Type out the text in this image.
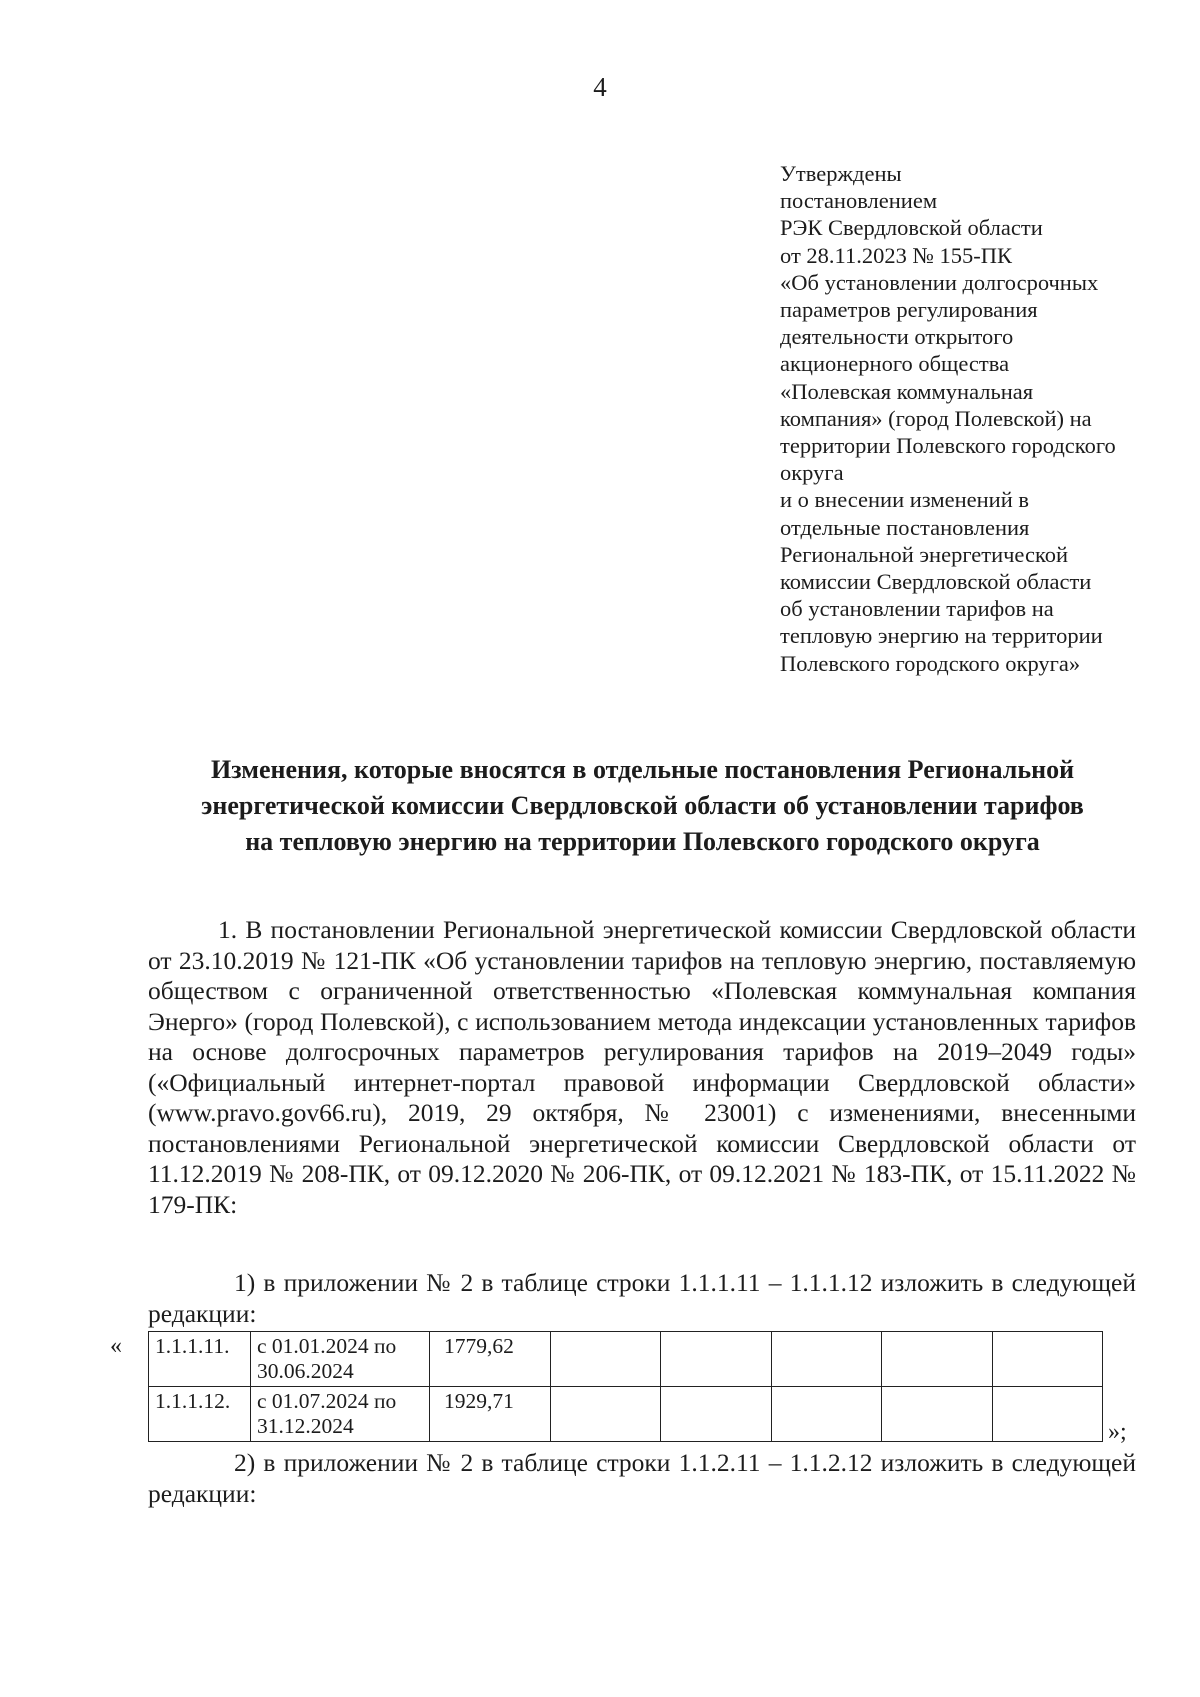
4
Утверждены
постановлением
РЭК Свердловской области
от 28.11.2023 № 155-ПК
«Об установлении долгосрочных
параметров регулирования
деятельности открытого
акционерного общества
«Полевская коммунальная
компания» (город Полевской) на
территории Полевского городского
округа
и о внесении изменений в
отдельные постановления
Региональной энергетической
комиссии Свердловской области
об установлении тарифов на
тепловую энергию на территории
Полевского городского округа»
Изменения, которые вносятся в отдельные постановления Региональной
энергетической комиссии Свердловской области об установлении тарифов
на тепловую энергию на территории Полевского городского округа
1. В постановлении Региональной энергетической комиссии Свердловской области от 23.10.2019 № 121-ПК «Об установлении тарифов на тепловую энергию, поставляемую обществом с ограниченной ответственностью «Полевская коммунальная компания Энерго» (город Полевской), с использованием метода индексации установленных тарифов на основе долгосрочных параметров регулирования тарифов на 2019–2049 годы» («Официальный интернет-портал правовой информации Свердловской области» (www.pravo.gov66.ru), 2019, 29 октября, № 23001) с изменениями, внесенными постановлениями Региональной энергетической комиссии Свердловской области от 11.12.2019 № 208-ПК, от 09.12.2020 № 206-ПК, от 09.12.2021 № 183-ПК, от 15.11.2022 № 179-ПК:
1) в приложении № 2 в таблице строки 1.1.1.11 – 1.1.1.12 изложить в следующей редакции:
« 1.1.1.11.	с 01.01.2024 по 30.06.2024	1779,62					
1.1.1.12.	с 01.07.2024 по 31.12.2024	1929,71					
»;
2) в приложении № 2 в таблице строки 1.1.2.11 – 1.1.2.12 изложить в следующей редакции:
